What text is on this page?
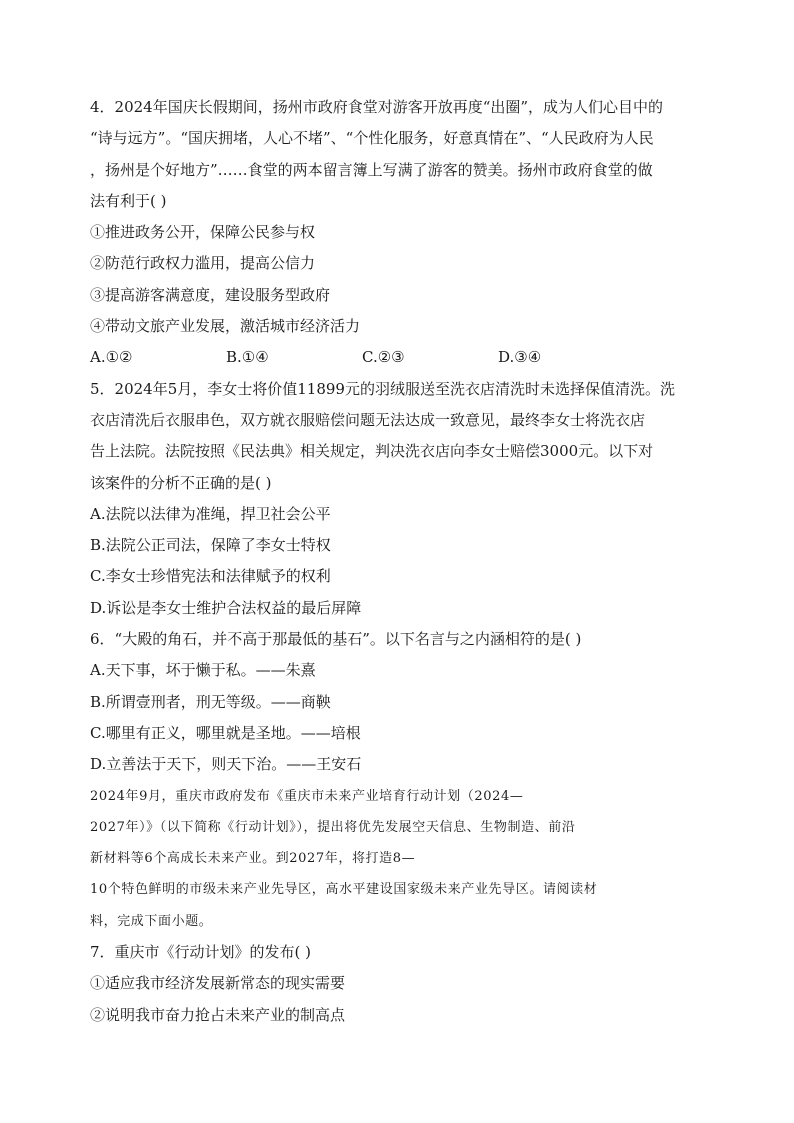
4．2024年国庆长假期间，扬州市政府食堂对游客开放再度“出圈”，成为人们心目中的
“诗与远方”。“国庆拥堵，人心不堵”、“个性化服务，好意真情在”、“人民政府为人民
，扬州是个好地方”……食堂的两本留言簿上写满了游客的赞美。扬州市政府食堂的做
法有利于( )
①推进政务公开，保障公民参与权
②防范行政权力滥用，提高公信力
③提高游客满意度，建设服务型政府
④带动文旅产业发展，激活城市经济活力
A.①②	B.①④	C.②③	D.③④
5．2024年5月，李女士将价值11899元的羽绒服送至洗衣店清洗时未选择保值清洗。洗
衣店清洗后衣服串色，双方就衣服赔偿问题无法达成一致意见，最终李女士将洗衣店
告上法院。法院按照《民法典》相关规定，判决洗衣店向李女士赔偿3000元。以下对
该案件的分析不正确的是( )
A.法院以法律为准绳，捍卫社会公平
B.法院公正司法，保障了李女士特权
C.李女士珍惜宪法和法律赋予的权利
D.诉讼是李女士维护合法权益的最后屏障
6．“大殿的角石，并不高于那最低的基石”。以下名言与之内涵相符的是( )
A.天下事，坏于懒于私。——朱熹
B.所谓壹刑者，刑无等级。——商鞅
C.哪里有正义，哪里就是圣地。——培根
D.立善法于天下，则天下治。——王安石
2024年9月，重庆市政府发布《重庆市未来产业培育行动计划（2024—
2027年）》（以下简称《行动计划》），提出将优先发展空天信息、生物制造、前沿
新材料等6个高成长未来产业。到2027年，将打造8—
10个特色鲜明的市级未来产业先导区，高水平建设国家级未来产业先导区。请阅读材
料，完成下面小题。
7．重庆市《行动计划》的发布( )
①适应我市经济发展新常态的现实需要
②说明我市奋力抢占未来产业的制高点
